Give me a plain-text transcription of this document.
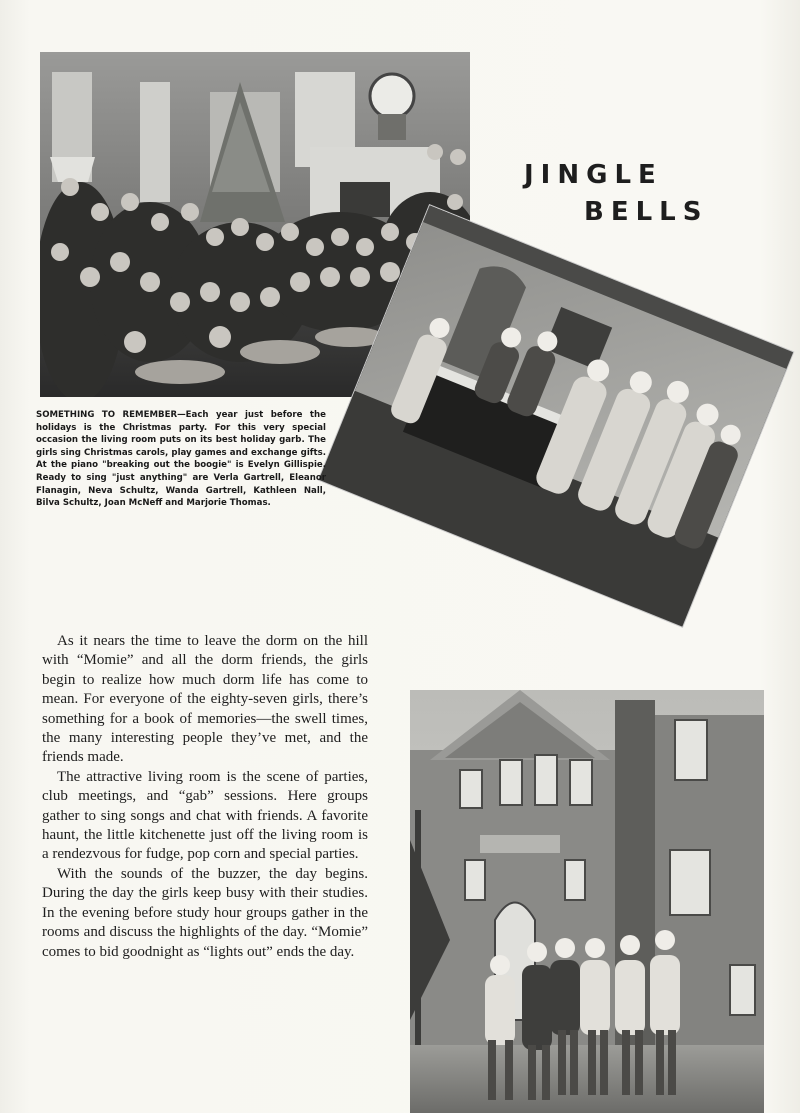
JINGLE
BELLS
SOMETHING TO REMEMBER—Each year just before the holidays is the Christmas party. For this very special occasion the living room puts on its best holiday garb. The girls sing Christmas carols, play games and exchange gifts. At the piano "breaking out the boogie" is Evelyn Gillispie. Ready to sing "just anything" are Verla Gartrell, Eleanor Flanagin, Neva Schultz, Wanda Gartrell, Kathleen Nall, Bilva Schultz, Joan McNeff and Marjorie Thomas.

As it nears the time to leave the dorm on the hill with “Momie” and all the dorm friends, the girls begin to realize how much dorm life has come to mean. For everyone of the eighty-seven girls, there’s something for a book of memories—the swell times, the many interesting people they’ve met, and the friends made.

The attractive living room is the scene of parties, club meetings, and “gab” sessions. Here groups gather to sing songs and chat with friends. A favorite haunt, the little kitchenette just off the living room is a rendezvous for fudge, pop corn and special parties.

With the sounds of the buzzer, the day begins. During the day the girls keep busy with their studies. In the evening before study hour groups gather in the rooms and discuss the highlights of the day. “Momie” comes to bid goodnight as “lights out” ends the day.
